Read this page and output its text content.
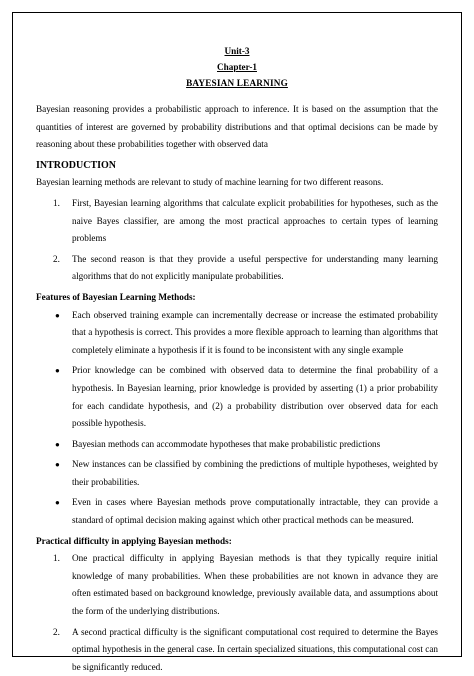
Unit-3
Chapter-1
BAYESIAN LEARNING

Bayesian reasoning provides a probabilistic approach to inference. It is based on the assumption that the quantities of interest are governed by probability distributions and that optimal decisions can be made by reasoning about these probabilities together with observed data

INTRODUCTION

Bayesian learning methods are relevant to study of machine learning for two different reasons.

1. First, Bayesian learning algorithms that calculate explicit probabilities for hypotheses, such as the naive Bayes classifier, are among the most practical approaches to certain types of learning problems
2. The second reason is that they provide a useful perspective for understanding many learning algorithms that do not explicitly manipulate probabilities.
Features of Bayesian Learning Methods:
● Each observed training example can incrementally decrease or increase the estimated probability that a hypothesis is correct. This provides a more flexible approach to learning than algorithms that completely eliminate a hypothesis if it is found to be inconsistent with any single example
● Prior knowledge can be combined with observed data to determine the final probability of a hypothesis. In Bayesian learning, prior knowledge is provided by asserting (1) a prior probability for each candidate hypothesis, and (2) a probability distribution over observed data for each possible hypothesis.
● Bayesian methods can accommodate hypotheses that make probabilistic predictions
● New instances can be classified by combining the predictions of multiple hypotheses, weighted by their probabilities.
● Even in cases where Bayesian methods prove computationally intractable, they can provide a standard of optimal decision making against which other practical methods can be measured.
Practical difficulty in applying Bayesian methods:
1. One practical difficulty in applying Bayesian methods is that they typically require initial knowledge of many probabilities. When these probabilities are not known in advance they are often estimated based on background knowledge, previously available data, and assumptions about the form of the underlying distributions.
2. A second practical difficulty is the significant computational cost required to determine the Bayes optimal hypothesis in the general case. In certain specialized situations, this computational cost can be significantly reduced.
